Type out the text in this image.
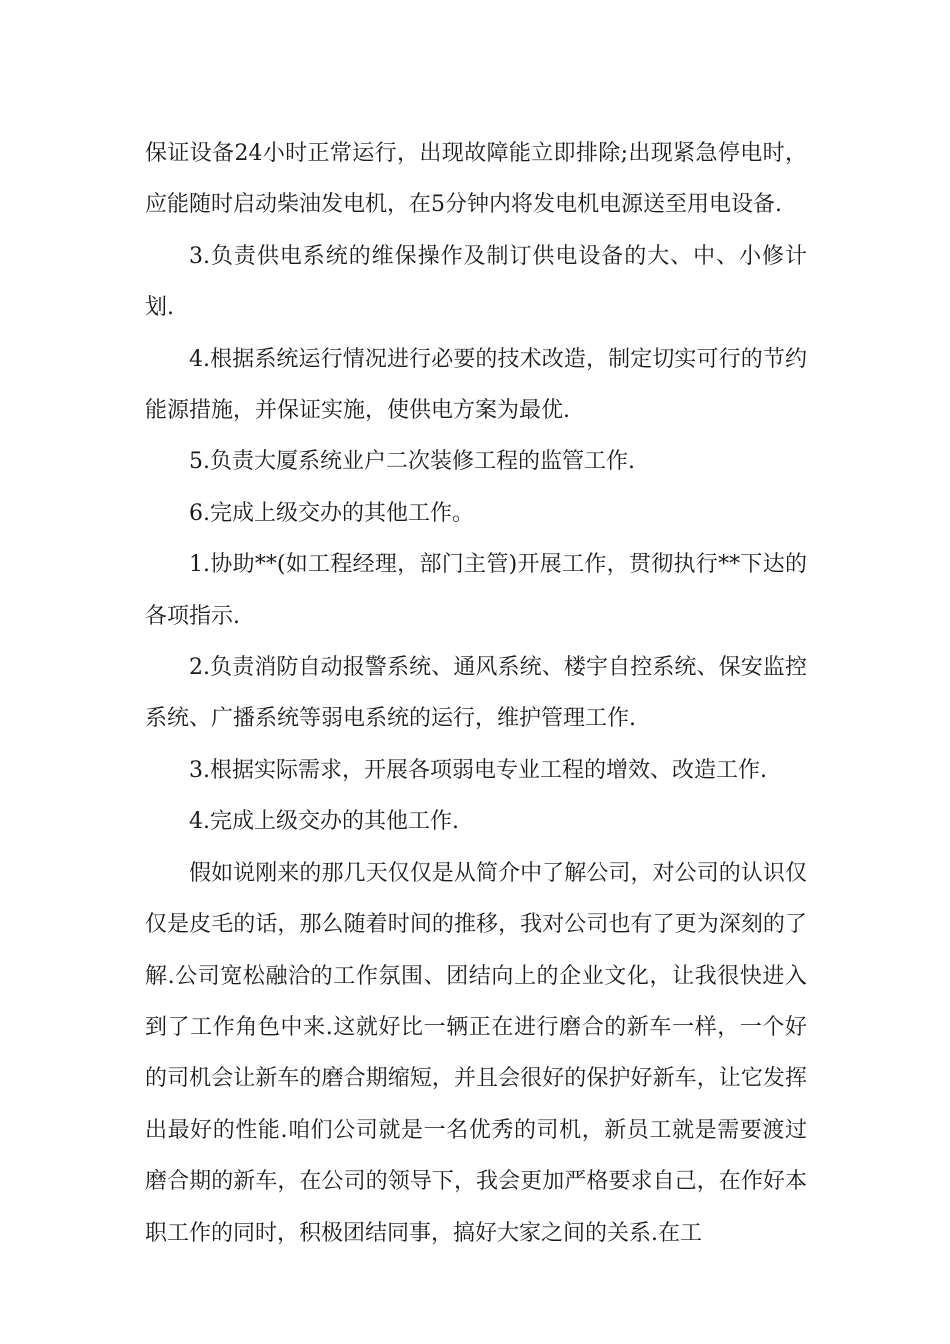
保证设备24小时正常运行，出现故障能立即排除;出现紧急停电时，应能随时启动柴油发电机，在5分钟内将发电机电源送至用电设备.

3.负责供电系统的维保操作及制订供电设备的大、中、小修计划.

4.根据系统运行情况进行必要的技术改造，制定切实可行的节约能源措施，并保证实施，使供电方案为最优.

5.负责大厦系统业户二次装修工程的监管工作.

6.完成上级交办的其他工作。

1.协助**(如工程经理，部门主管)开展工作，贯彻执行**下达的各项指示.

2.负责消防自动报警系统、通风系统、楼宇自控系统、保安监控系统、广播系统等弱电系统的运行，维护管理工作.

3.根据实际需求，开展各项弱电专业工程的增效、改造工作.

4.完成上级交办的其他工作.

假如说刚来的那几天仅仅是从简介中了解公司，对公司的认识仅仅是皮毛的话，那么随着时间的推移，我对公司也有了更为深刻的了解.公司宽松融洽的工作氛围、团结向上的企业文化，让我很快进入到了工作角色中来.这就好比一辆正在进行磨合的新车一样，一个好的司机会让新车的磨合期缩短，并且会很好的保护好新车，让它发挥出最好的性能.咱们公司就是一名优秀的司机，新员工就是需要渡过磨合期的新车，在公司的领导下，我会更加严格要求自己，在作好本职工作的同时，积极团结同事，搞好大家之间的关系.在工
